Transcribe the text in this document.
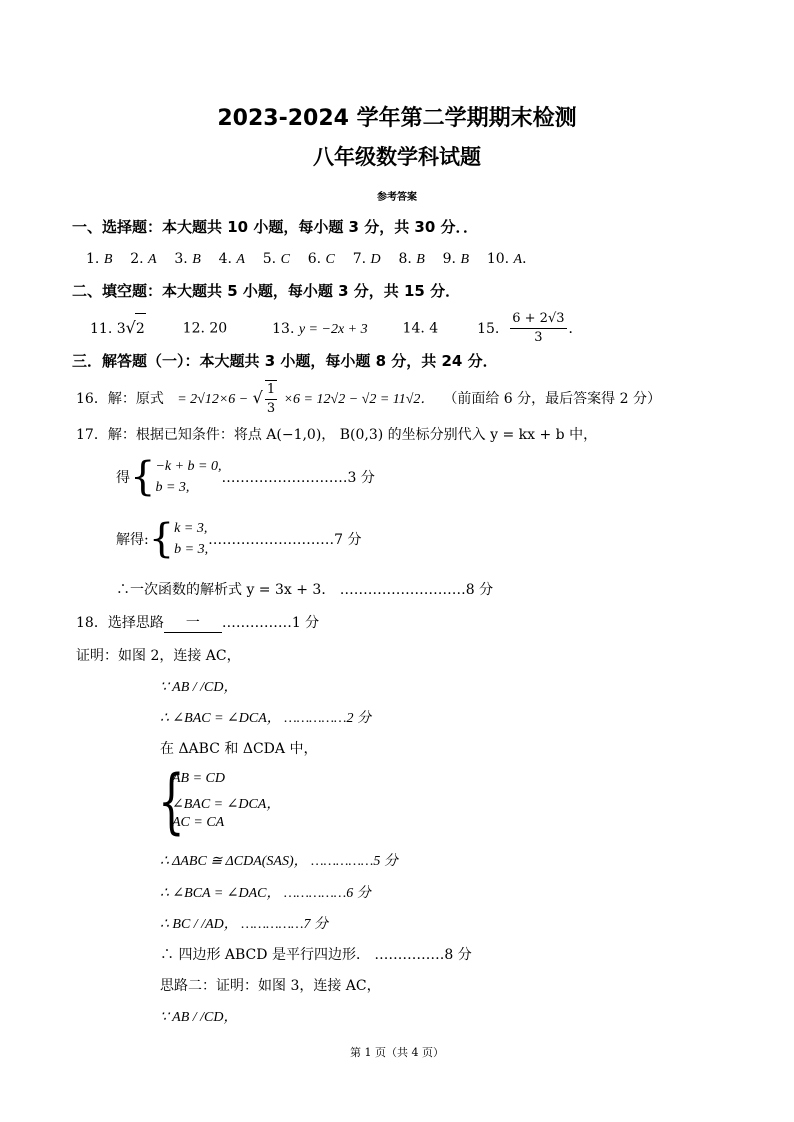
2023-2024 学年第二学期期末检测
八年级数学科试题
参考答案
一、选择题：本大题共 10 小题，每小题 3 分，共 30 分．．
1. B 2. A 3. B 4. A 5. C 6. C 7. D 8. B 9. B 10. A．
二、填空题：本大题共 5 小题，每小题 3 分，共 15 分．
11. 3√2	12. 20	13. y = −2x + 3 14. 4	15. $\frac{6 + 2√3}{3}$ ．
三．解答题（一）：本大题共 3 小题，每小题 8 分，共 24 分．
16．解：原式 = 2√12×6 − √ $\frac{1}{3} \times 6 = 12√2 - √2 = 11√2$． （前面给 6 分，最后答案得 2 分）
17．解：根据已知条件：将点 A(−1,0)， B(0,3) 的坐标分别代入 y = kx + b 中，
得{−k + b = 0,
b = 3,………………………3 分
解得:{k = 3,
b = 3,………………………7 分
∴一次函数的解析式 y = 3x + 3． ………………………8 分
18．选择思路 一 ……………1 分
证明：如图 2，连接 AC，
∵ AB / /CD，
∴ ∠BAC = ∠DCA， ……………2 分
在 ΔABC 和 ΔCDA 中，
{
AB = CD
∠BAC = ∠DCA，
AC = CA
∴ ΔABC ≅ ΔCDA(SAS)， ……………5 分
∴ ∠BCA = ∠DAC， ……………6 分
∴ BC / /AD， ……………7 分
∴ 四边形 ABCD 是平行四边形． ……………8 分
思路二：证明：如图 3，连接 AC，
∵ AB / /CD，
第 1 页（共 4 页）
